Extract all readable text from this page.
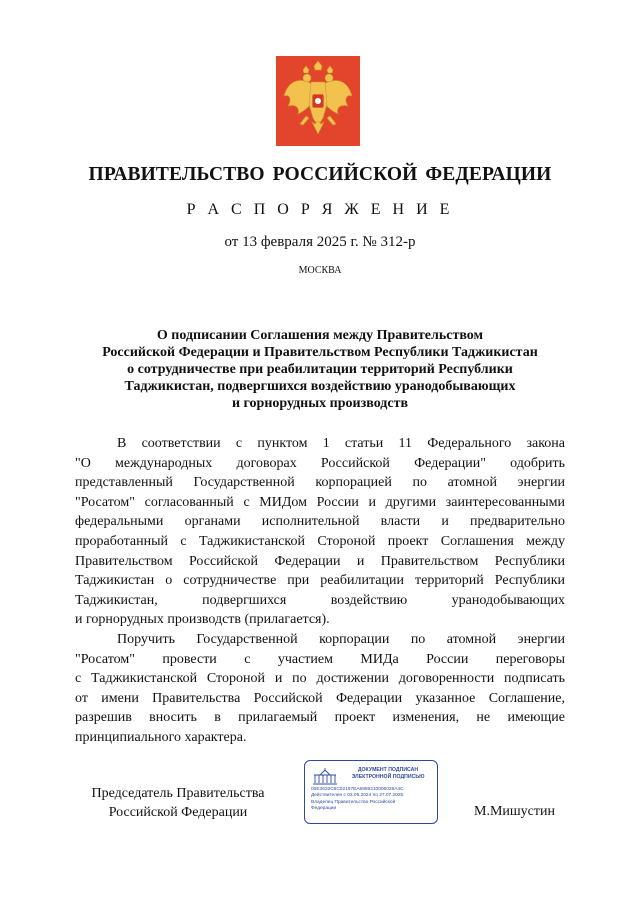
ПРАВИТЕЛЬСТВО РОССИЙСКОЙ ФЕДЕРАЦИИ
Р А С П О Р Я Ж Е Н И Е
от 13 февраля 2025 г. № 312-р
МОСКВА
О подписании Соглашения между Правительством
Российской Федерации и Правительством Республики Таджикистан
о сотрудничестве при реабилитации территорий Республики
Таджикистан, подвергшихся воздействию уранодобывающих
и горнорудных производств
В соответствии с пунктом 1 статьи 11 Федерального закона
"О международных договорах Российской Федерации" одобрить
представленный Государственной корпорацией по атомной энергии
"Росатом" согласованный с МИДом России и другими заинтересованными
федеральными органами исполнительной власти и предварительно
проработанный с Таджикистанской Стороной проект Соглашения между
Правительством Российской Федерации и Правительством Республики
Таджикистан о сотрудничестве при реабилитации территорий Республики
Таджикистан, подвергшихся воздействию уранодобывающих
и горнорудных производств (прилагается).
Поручить Государственной корпорации по атомной энергии
"Росатом" провести с участием МИДа России переговоры
с Таджикистанской Стороной и по достижении договоренности подписать
от имени Правительства Российской Федерации указанное Соглашение,
разрешив вносить в прилагаемый проект изменения, не имеющие
принципиального характера.
Председатель Правительства
Российской Федерации
ДОКУМЕНТ ПОДПИСАН
ЭЛЕКТРОННОЙ ПОДПИСЬЮ
00E3632C6C02197EA5989210006028A4C
Действителен с 03.05.2024 по 27.07.2025
Владелец Правительство Российской
Федерации	М.Мишустин
